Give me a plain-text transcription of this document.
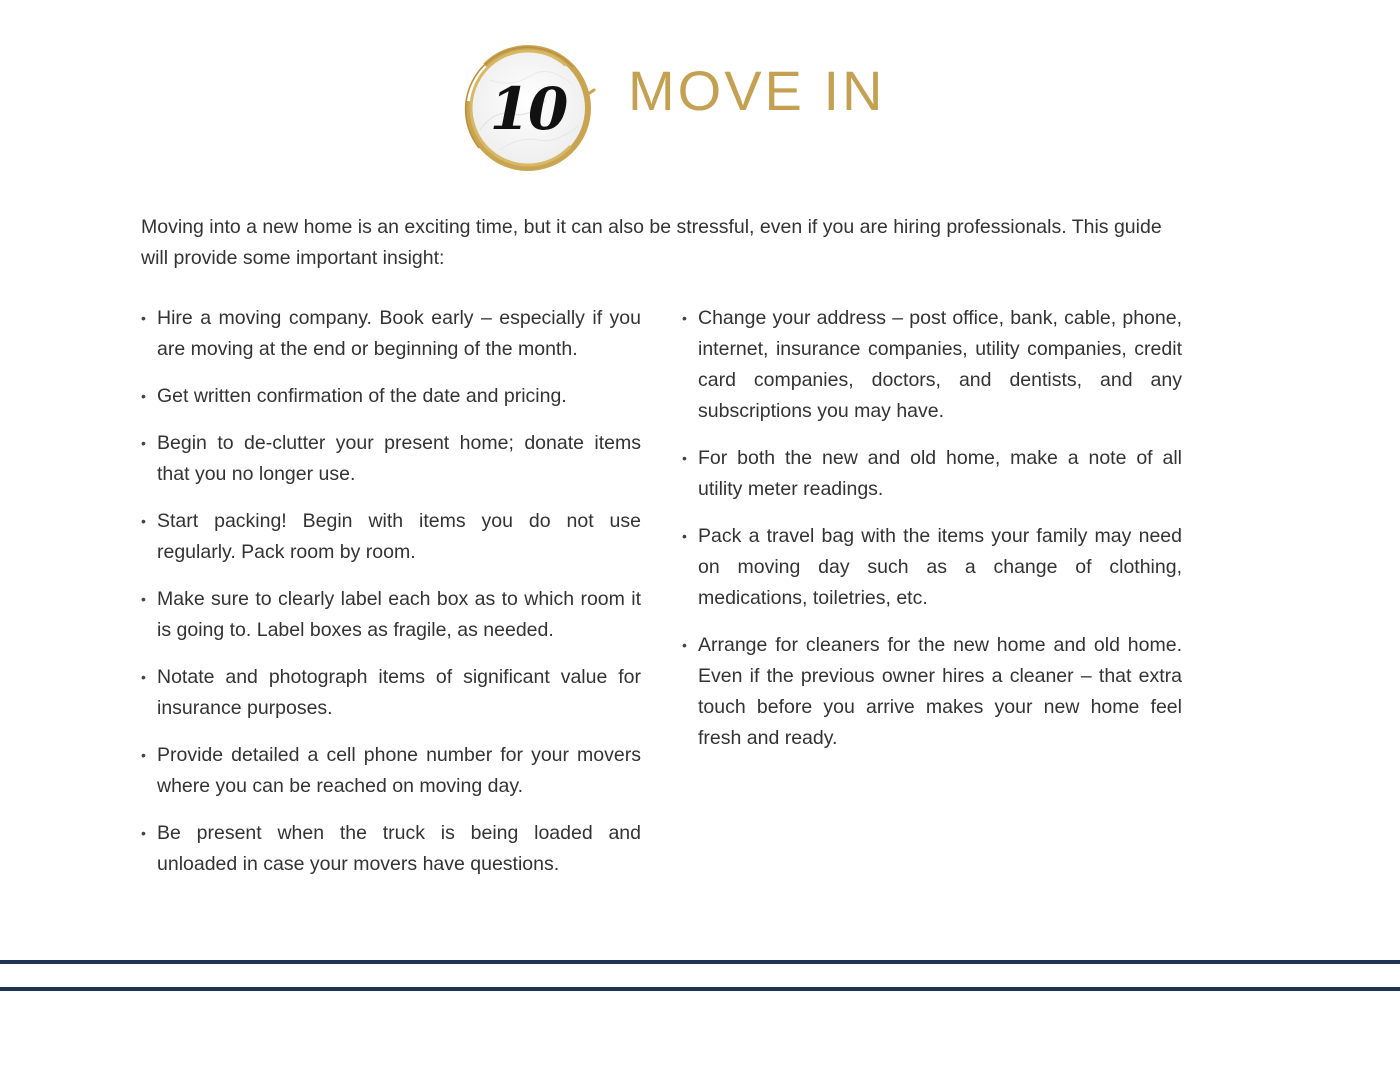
10	MOVE IN

Moving into a new home is an exciting time, but it can also be stressful, even if you are hiring professionals. This guide will provide some important insight:

• Hire a moving company. Book early – especially if you are moving at the end or beginning of the month.
• Get written confirmation of the date and pricing.
• Begin to de-clutter your present home; donate items that you no longer use.
• Start packing! Begin with items you do not use regularly. Pack room by room.
• Make sure to clearly label each box as to which room it is going to. Label boxes as fragile, as needed.
• Notate and photograph items of significant value for insurance purposes.
• Provide detailed a cell phone number for your movers where you can be reached on moving day.
• Be present when the truck is being loaded and unloaded in case your movers have questions.
• Change your address – post office, bank, cable, phone, internet, insurance companies, utility companies, credit card companies, doctors, and dentists, and any subscriptions you may have.
• For both the new and old home, make a note of all utility meter readings.
• Pack a travel bag with the items your family may need on moving day such as a change of clothing, medications, toiletries, etc.
• Arrange for cleaners for the new home and old home. Even if the previous owner hires a cleaner – that extra touch before you arrive makes your new home feel fresh and ready.
